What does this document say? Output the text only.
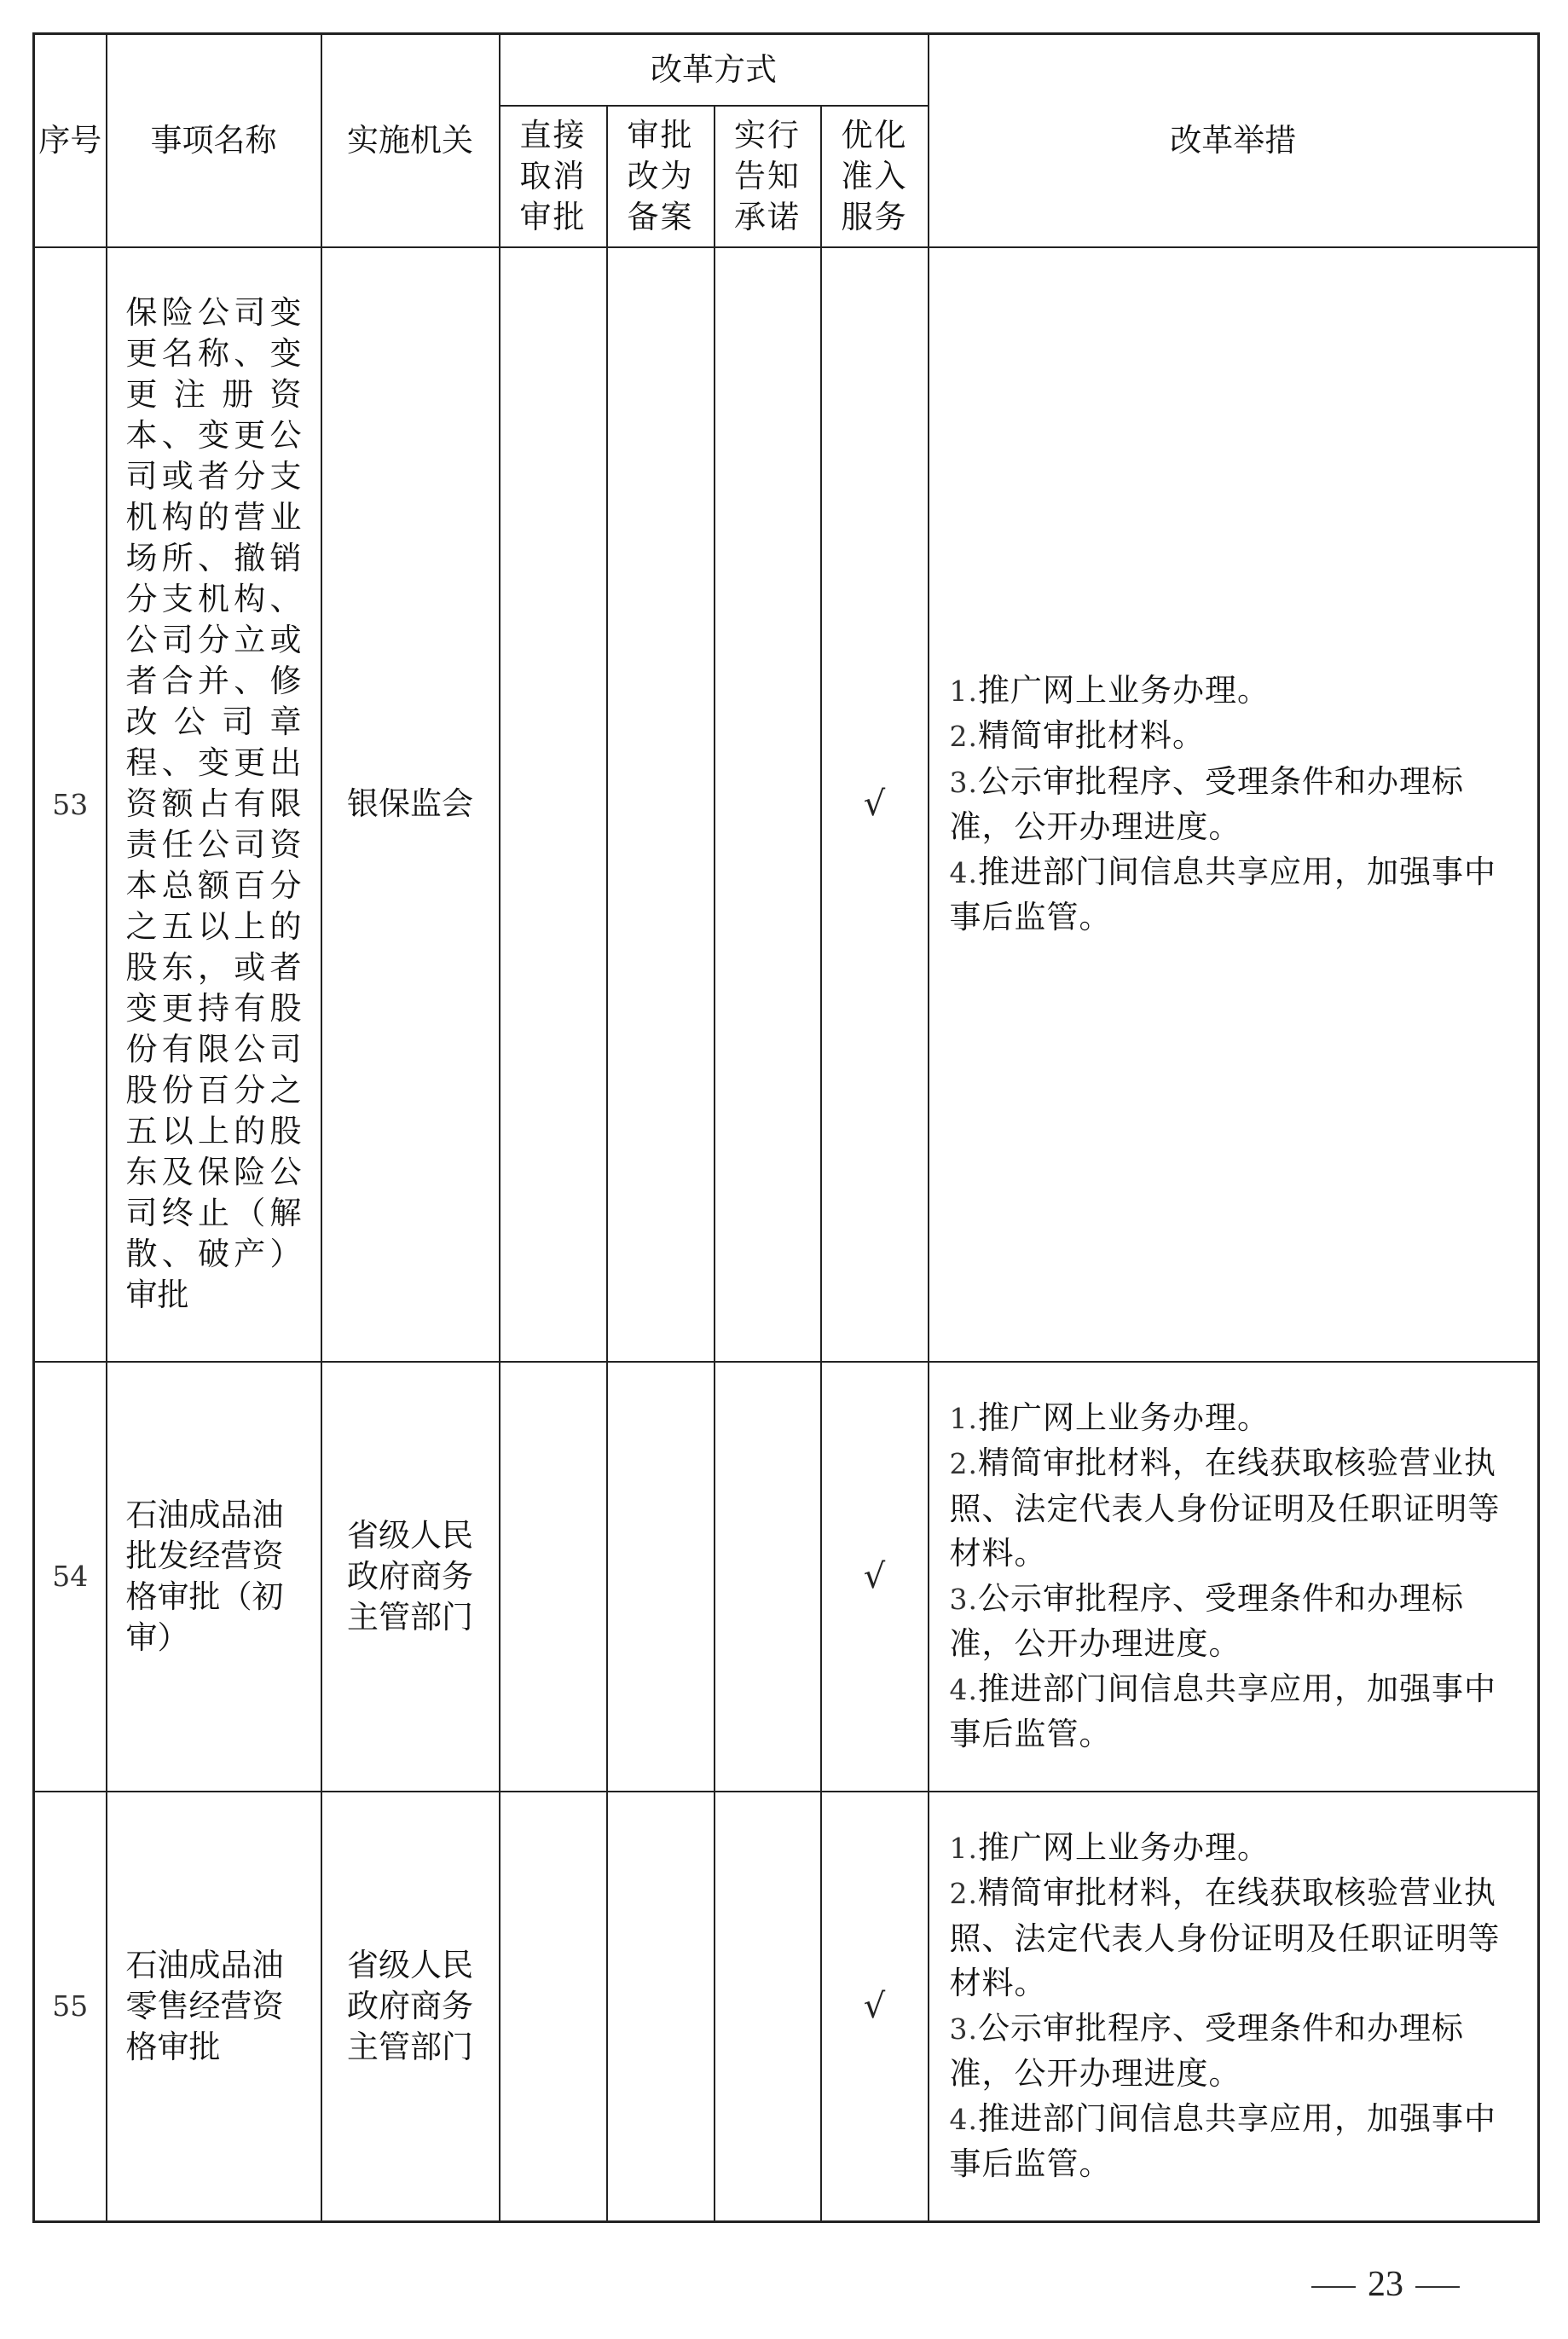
序号	事项名称	实施机关	改革方式				改革举措
			直接取消审批	审批改为备案	实行告知承诺	优化准入服务	
53	保险公司变更名称、变更注册资本、变更公司或者分支机构的营业场所、撤销分支机构、公司分立或者合并、修改公司章程、变更出资额占有限责任公司资本总额百分之五以上的股东，或者变更持有股份有限公司股份百分之五以上的股东及保险公司终止（解散、破产）审批	银保监会				√	1.推广网上业务办理。
2.精简审批材料。
3.公示审批程序、受理条件和办理标准，公开办理进度。
4.推进部门间信息共享应用，加强事中事后监管。

54	石油成品油批发经营资格审批（初审）	省级人民政府商务主管部门				√	1.推广网上业务办理。
2.精简审批材料，在线获取核验营业执照、法定代表人身份证明及任职证明等材料。
3.公示审批程序、受理条件和办理标准，公开办理进度。
4.推进部门间信息共享应用，加强事中事后监管。

55	石油成品油零售经营资格审批	省级人民政府商务主管部门				√	1.推广网上业务办理。
2.精简审批材料，在线获取核验营业执照、法定代表人身份证明及任职证明等材料。
3.公示审批程序、受理条件和办理标准，公开办理进度。
4.推进部门间信息共享应用，加强事中事后监管。
23
